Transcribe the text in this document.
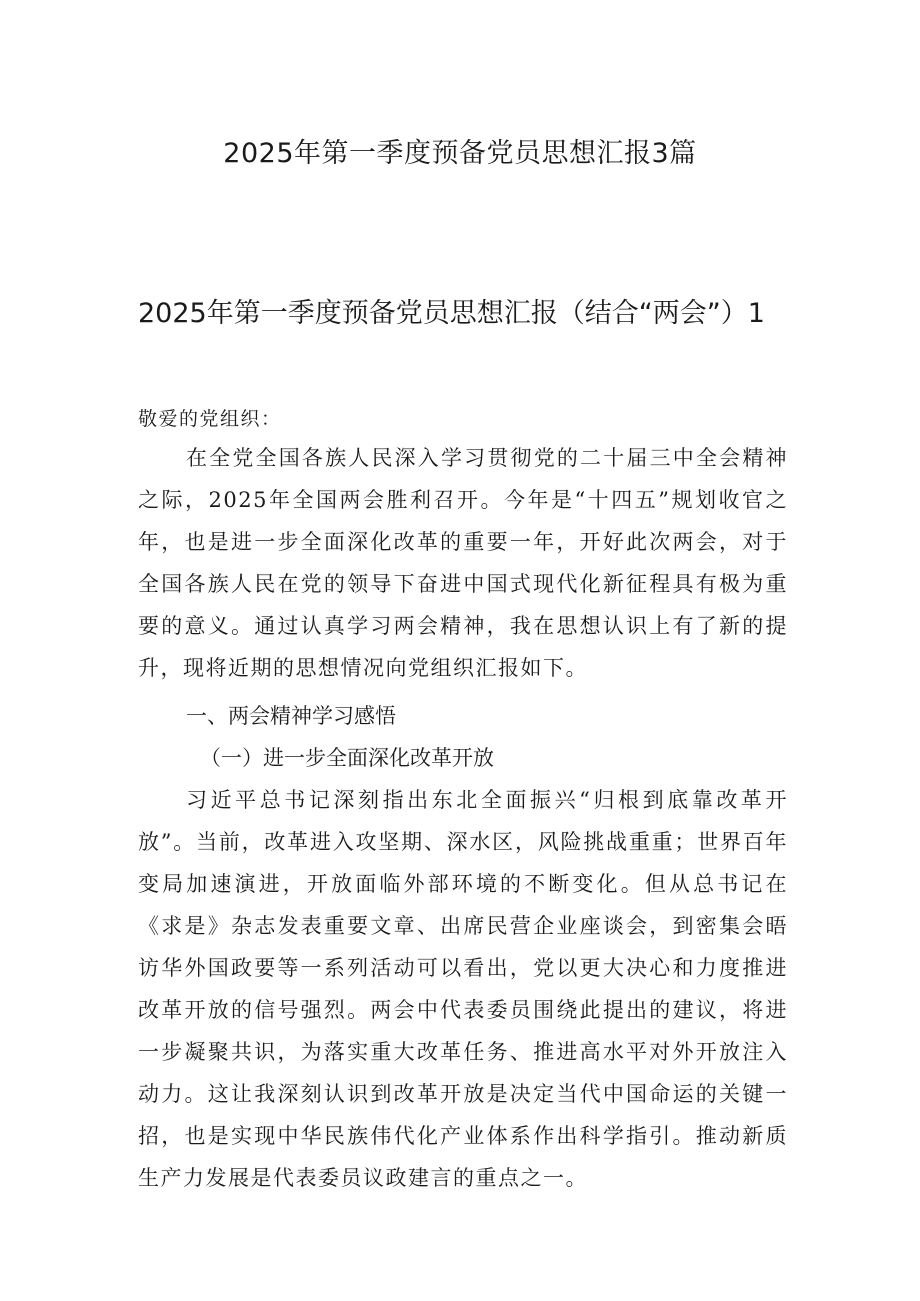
2025年第一季度预备党员思想汇报3篇
2025年第一季度预备党员思想汇报（结合“两会”）1

敬爱的党组织：

在全党全国各族人民深入学习贯彻党的二十届三中全会精神之际，2025年全国两会胜利召开。今年是“十四五”规划收官之年，也是进一步全面深化改革的重要一年，开好此次两会，对于全国各族人民在党的领导下奋进中国式现代化新征程具有极为重要的意义。通过认真学习两会精神，我在思想认识上有了新的提升，现将近期的思想情况向党组织汇报如下。

一、两会精神学习感悟
（一）进一步全面深化改革开放

习近平总书记深刻指出东北全面振兴“归根到底靠改革开放”。当前，改革进入攻坚期、深水区，风险挑战重重；世界百年变局加速演进，开放面临外部环境的不断变化。但从总书记在《求是》杂志发表重要文章、出席民营企业座谈会，到密集会晤访华外国政要等一系列活动可以看出，党以更大决心和力度推进改革开放的信号强烈。两会中代表委员围绕此提出的建议，将进一步凝聚共识，为落实重大改革任务、推进高水平对外开放注入动力。这让我深刻认识到改革开放是决定当代中国命运的关键一招，也是实现中华民族伟代化产业体系作出科学指引。推动新质生产力发展是代表委员议政建言的重点之一。
